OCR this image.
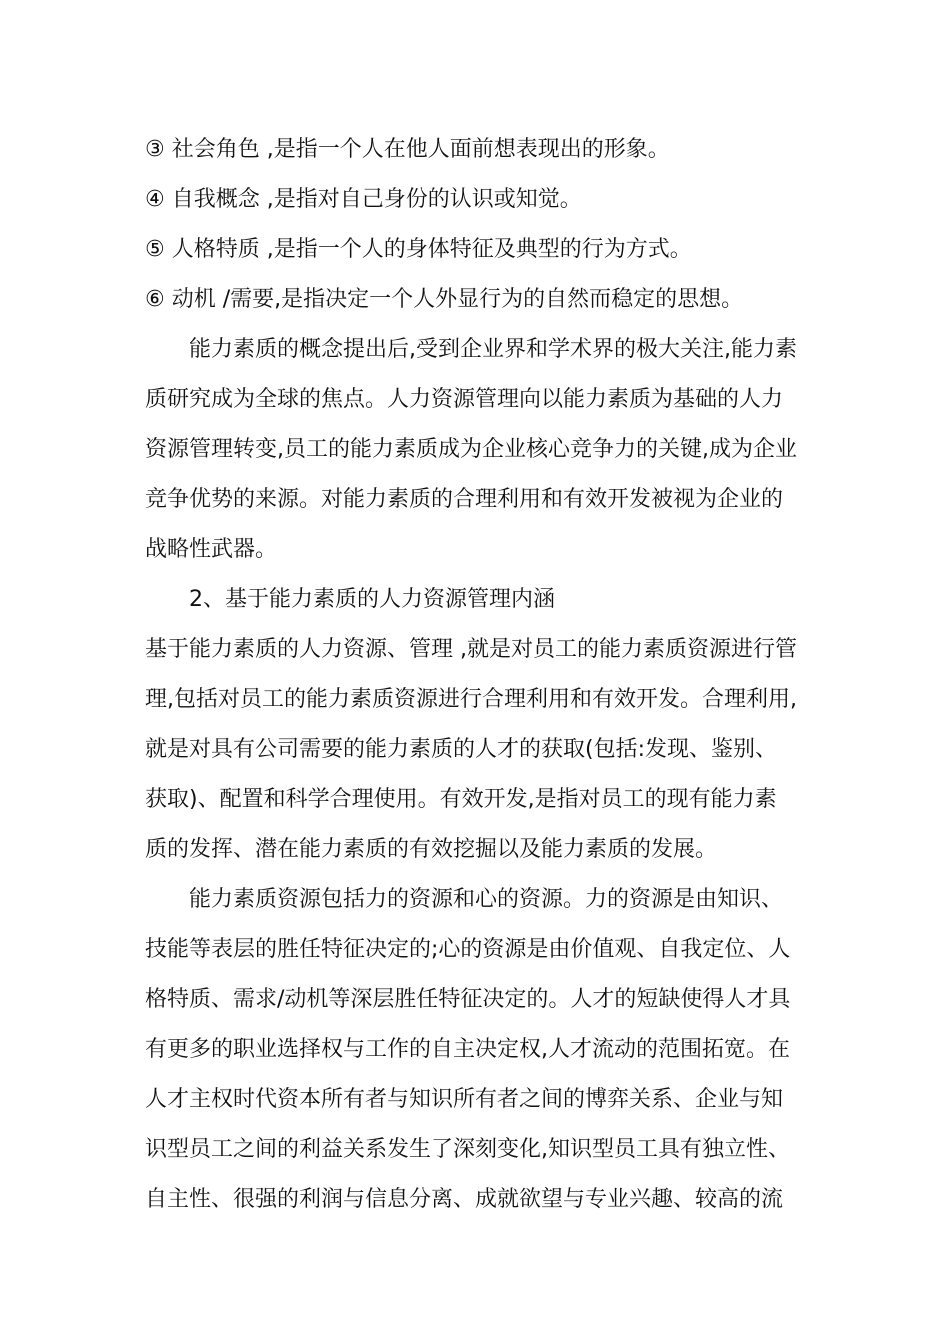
③ 社会角色 ,是指一个人在他人面前想表现出的形象。

④ 自我概念 ,是指对自己身份的认识或知觉。

⑤ 人格特质 ,是指一个人的身体特征及典型的行为方式。

⑥ 动机 /需要,是指决定一个人外显行为的自然而稳定的思想。

能力素质的概念提出后,受到企业界和学术界的极大关注,能力素

质研究成为全球的焦点。人力资源管理向以能力素质为基础的人力

资源管理转变,员工的能力素质成为企业核心竞争力的关键,成为企业

竞争优势的来源。对能力素质的合理利用和有效开发被视为企业的

战略性武器。

2、基于能力素质的人力资源管理内涵

基于能力素质的人力资源、管理 ,就是对员工的能力素质资源进行管

理,包括对员工的能力素质资源进行合理利用和有效开发。合理利用,

就是对具有公司需要的能力素质的人才的获取(包括:发现、鉴别、

获取)、配置和科学合理使用。有效开发,是指对员工的现有能力素

质的发挥、潜在能力素质的有效挖掘以及能力素质的发展。

能力素质资源包括力的资源和心的资源。力的资源是由知识、

技能等表层的胜任特征决定的;心的资源是由价值观、自我定位、人

格特质、需求/动机等深层胜任特征决定的。人才的短缺使得人才具

有更多的职业选择权与工作的自主决定权,人才流动的范围拓宽。在

人才主权时代资本所有者与知识所有者之间的博弈关系、企业与知

识型员工之间的利益关系发生了深刻变化,知识型员工具有独立性、

自主性、很强的利润与信息分离、成就欲望与专业兴趣、较高的流
